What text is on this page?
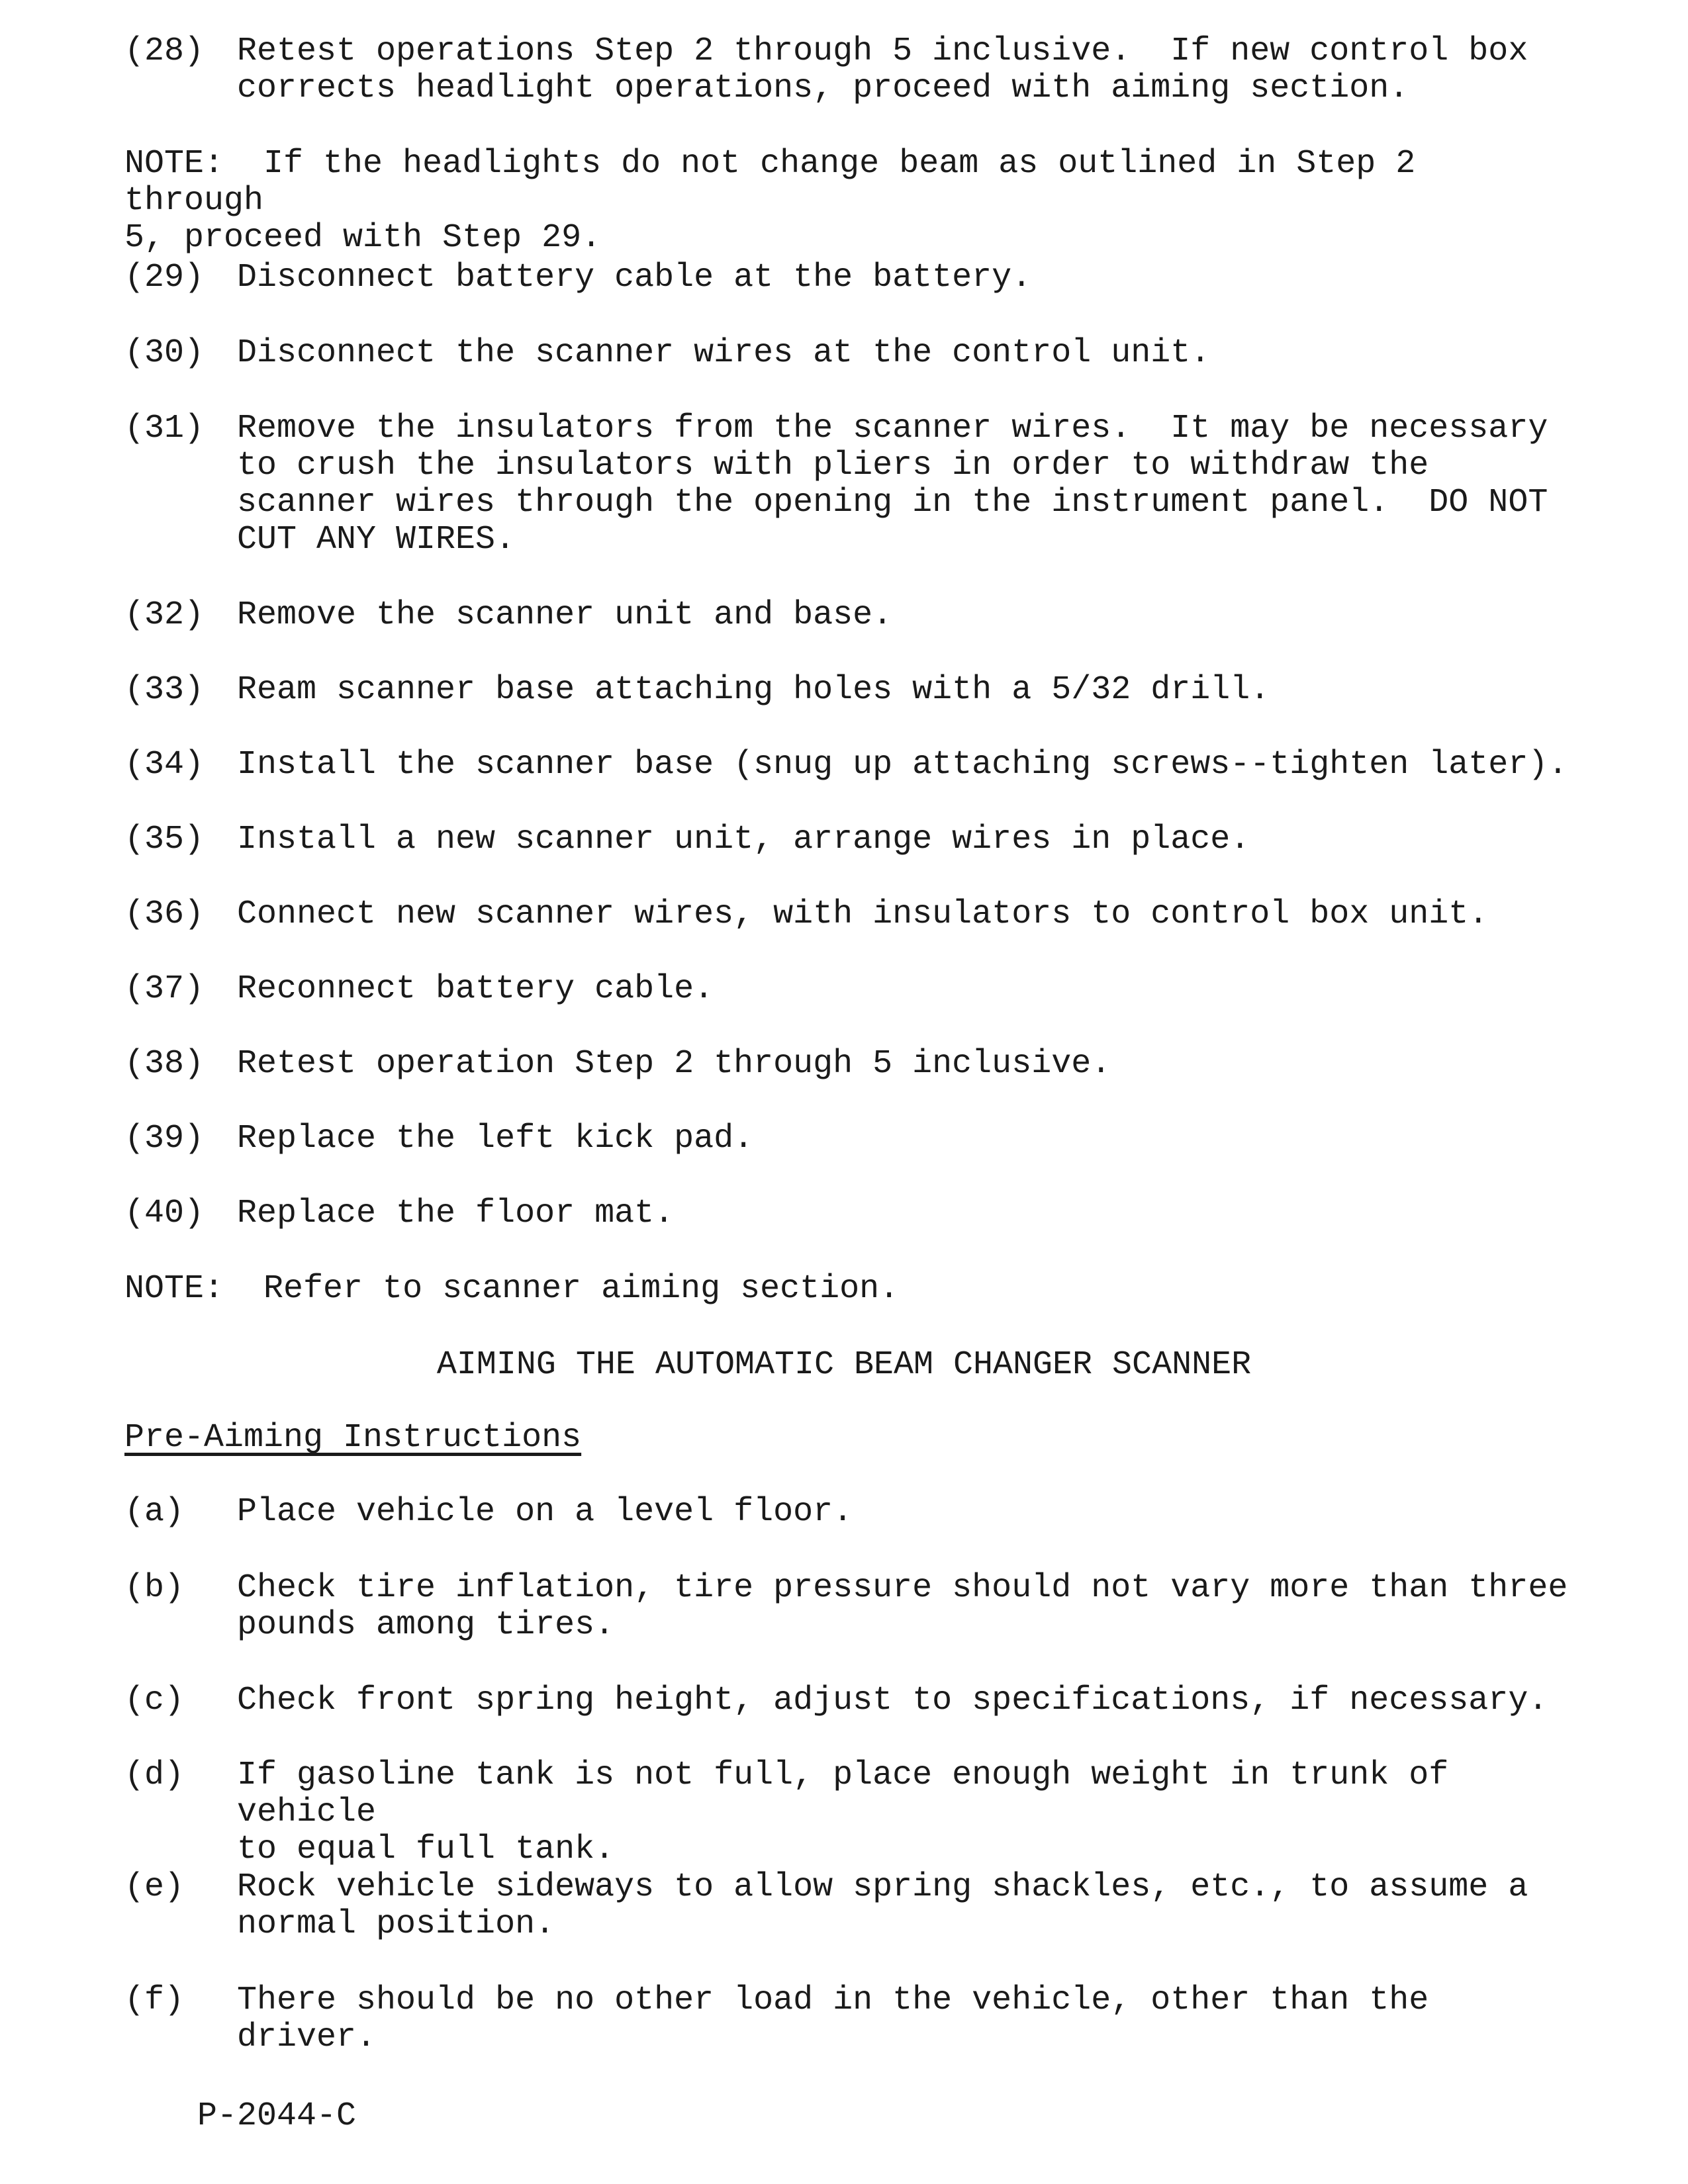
(28) Retest operations Step 2 through 5 inclusive.  If new control box
corrects headlight operations, proceed with aiming section.
NOTE: If the headlights do not change beam as outlined in Step 2 through
5, proceed with Step 29.
(29) Disconnect battery cable at the battery.
(30) Disconnect the scanner wires at the control unit.
(31) Remove the insulators from the scanner wires.  It may be necessary
to crush the insulators with pliers in order to withdraw the
scanner wires through the opening in the instrument panel.  DO NOT
CUT ANY WIRES.
(32) Remove the scanner unit and base.
(33) Ream scanner base attaching holes with a 5/32 drill.
(34) Install the scanner base (snug up attaching screws--tighten later).
(35) Install a new scanner unit, arrange wires in place.
(36) Connect new scanner wires, with insulators to control box unit.
(37) Reconnect battery cable.
(38) Retest operation Step 2 through 5 inclusive.
(39) Replace the left kick pad.
(40) Replace the floor mat.
NOTE: Refer to scanner aiming section.
AIMING THE AUTOMATIC BEAM CHANGER SCANNER
Pre-Aiming Instructions
(a)	Place vehicle on a level floor.
(b)	Check tire inflation, tire pressure should not vary more than three
pounds among tires.
(c)	Check front spring height, adjust to specifications, if necessary.
(d)	If gasoline tank is not full, place enough weight in trunk of vehicle
to equal full tank.
(e)	Rock vehicle sideways to allow spring shackles, etc., to assume a
normal position.
(f)	There should be no other load in the vehicle, other than the driver.
P-2044-C
